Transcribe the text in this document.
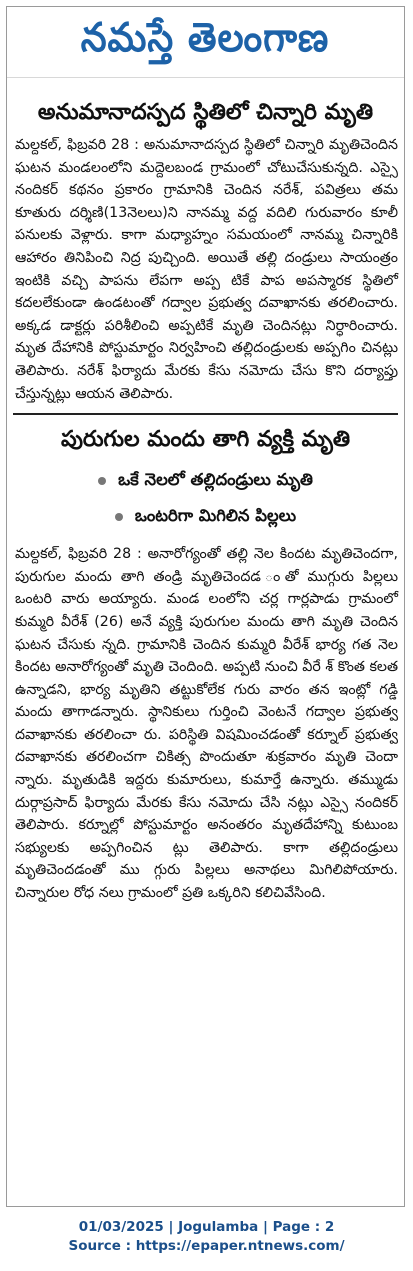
నమస్తే తెలంగాణ
అనుమానాదస్పద స్థితిలో చిన్నారి మృతి

మల్దకల్, ఫిబ్రవరి 28 : అనుమానాదస్పద స్థితిలో చిన్నారి మృతిచెందిన ఘటన మండలంలోని మద్దెలబండ గ్రామంలో చోటుచేసుకున్నది. ఎస్సై నందికర్ కథనం ప్రకారం గ్రామానికి చెందిన నరేశ్, పవిత్రలు తమ కూతురు దర్శిణి(13నెలలు)ని నానమ్మ వద్ద వదిలి గురువారం కూలీ పనులకు వెళ్లారు. కాగా మధ్యాహ్నం సమయంలో నానమ్మ చిన్నారికి ఆహారం తినిపించి నిద్ర పుచ్చింది. అయితే తల్లి దండ్రులు సాయంత్రం ఇంటికి వచ్చి పాపను లేపగా అప్ప టికే పాప అపస్మారక స్థితిలో కదలలేకుండా ఉండటంతో గద్వాల ప్రభుత్వ దవాఖానకు తరలించారు. అక్కడ డాక్టర్లు పరిశీలించి అప్పటికే మృతి చెందినట్లు నిర్ధారించారు. మృత దేహానికి పోస్టుమార్టం నిర్వహించి తల్లిదండ్రులకు అప్పగిం చినట్లు తెలిపారు. నరేశ్ ఫిర్యాదు మేరకు కేసు నమోదు చేసు కొని దర్యాప్తు చేస్తున్నట్లు ఆయన తెలిపారు.

పురుగుల మందు తాగి వ్యక్తి మృతి
ఒకే నెలలో తల్లిదండ్రులు మృతి
ఒంటరిగా మిగిలిన పిల్లలు

మల్దకల్, ఫిబ్రవరి 28 : అనారోగ్యంతో తల్లి నెల కిందట మృతిచెందగా, పురుగుల మందు తాగి తండ్రి మృతిచెందడ ంతో ముగ్గురు పిల్లలు ఒంటరి వారు అయ్యారు. మండ లంలోని చర్ల గార్లపాడు గ్రామంలో కుమ్మరి వీరేశ్ (26) అనే వ్యక్తి పురుగుల మందు తాగి మృతి చెందిన ఘటన చేసుకు న్నది. గ్రామానికి చెందిన కుమ్మరి వీరేశ్ భార్య గత నెల కిందట అనారోగ్యంతో మృతి చెందింది. అప్పటి నుంచి వీరే శ్ కొంత కలత ఉన్నాడని, భార్య మృతిని తట్టుకోలేక గురు వారం తన ఇంట్లో గడ్డి మందు తాగాడన్నారు. స్థానికులు గుర్తించి వెంటనే గద్వాల ప్రభుత్వ దవాఖానకు తరలించా రు. పరిస్థితి విషమించడంతో కర్నూల్ ప్రభుత్వ దవాఖానకు తరలించగా చికిత్స పొందుతూ శుక్రవారం మృతి చెందా న్నారు. మృతుడికి ఇద్దరు కుమారులు, కుమార్తే ఉన్నారు. తమ్ముడు దుర్గాప్రసాద్ ఫిర్యాదు మేరకు కేసు నమోదు చేసి నట్లు ఎస్సై నందికర్ తెలిపారు. కర్నూల్లో పోస్టుమార్టం అనంతరం మృతదేహాన్ని కుటుంబ సభ్యులకు అప్పగించిన ట్లు తెలిపారు. కాగా తల్లిదండ్రులు మృతిచెందడంతో ము గ్గురు పిల్లలు అనాథలు మిగిలిపోయారు. చిన్నారుల రోధ నలు గ్రామంలో ప్రతి ఒక్కరిని కలిచివేసింది.

01/03/2025 | Jogulamba | Page : 2
Source : https://epaper.ntnews.com/
